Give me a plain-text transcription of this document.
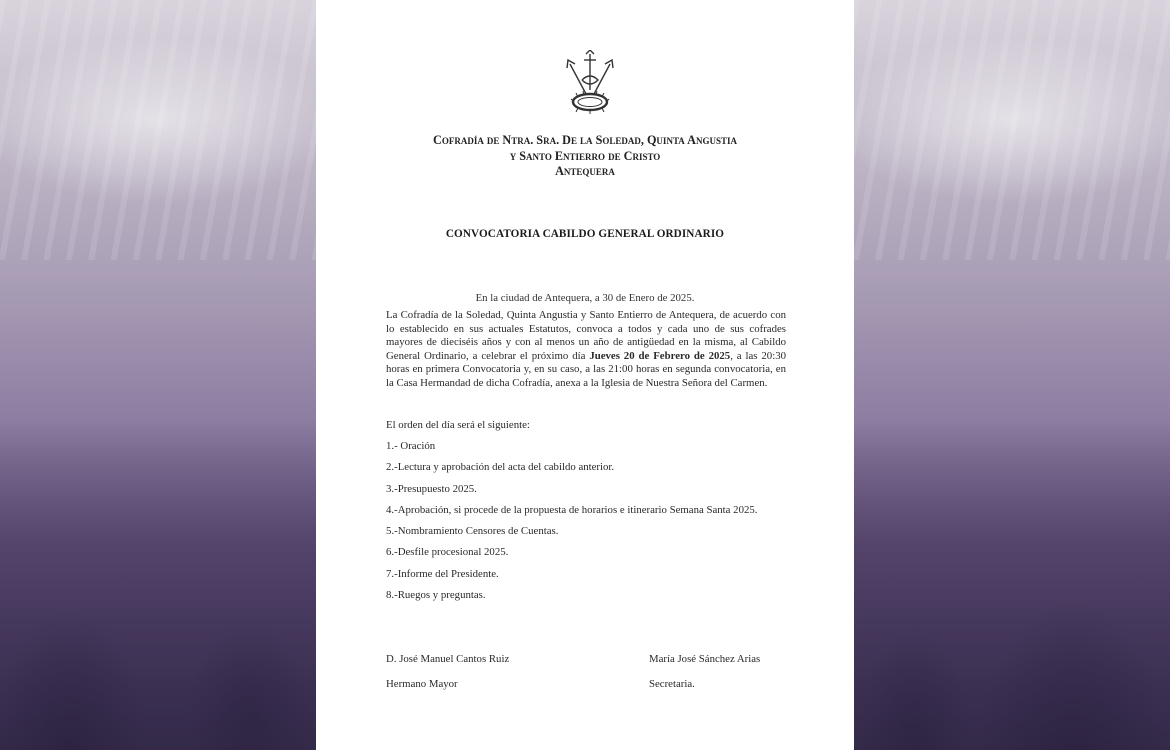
Cofradía de Ntra. Sra. De la Soledad, Quinta Angustia
y Santo Entierro de Cristo
Antequera
CONVOCATORIA CABILDO GENERAL ORDINARIO
En la ciudad de Antequera, a 30 de Enero de 2025.
La Cofradía de la Soledad, Quinta Angustia y Santo Entierro de Antequera, de acuerdo con lo establecido en sus actuales Estatutos, convoca a todos y cada uno de sus cofrades mayores de dieciséis años y con al menos un año de antigüedad en la misma, al Cabildo General Ordinario, a celebrar el próximo día Jueves 20 de Febrero de 2025, a las 20:30 horas en primera Convocatoria y, en su caso, a las 21:00 horas en segunda convocatoria, en la Casa Hermandad de dicha Cofradía, anexa a la Iglesia de Nuestra Señora del Carmen.
El orden del día será el siguiente:
1.- Oración
2.-Lectura y aprobación del acta del cabildo anterior.
3.-Presupuesto 2025.
4.-Aprobación, si procede de la propuesta de horarios e itinerario Semana Santa 2025.
5.-Nombramiento Censores de Cuentas.
6.-Desfile procesional 2025.
7.-Informe del Presidente.
8.-Ruegos y preguntas.
D. José Manuel Cantos Ruiz
Hermano Mayor
María José Sánchez Arias
Secretaria.
